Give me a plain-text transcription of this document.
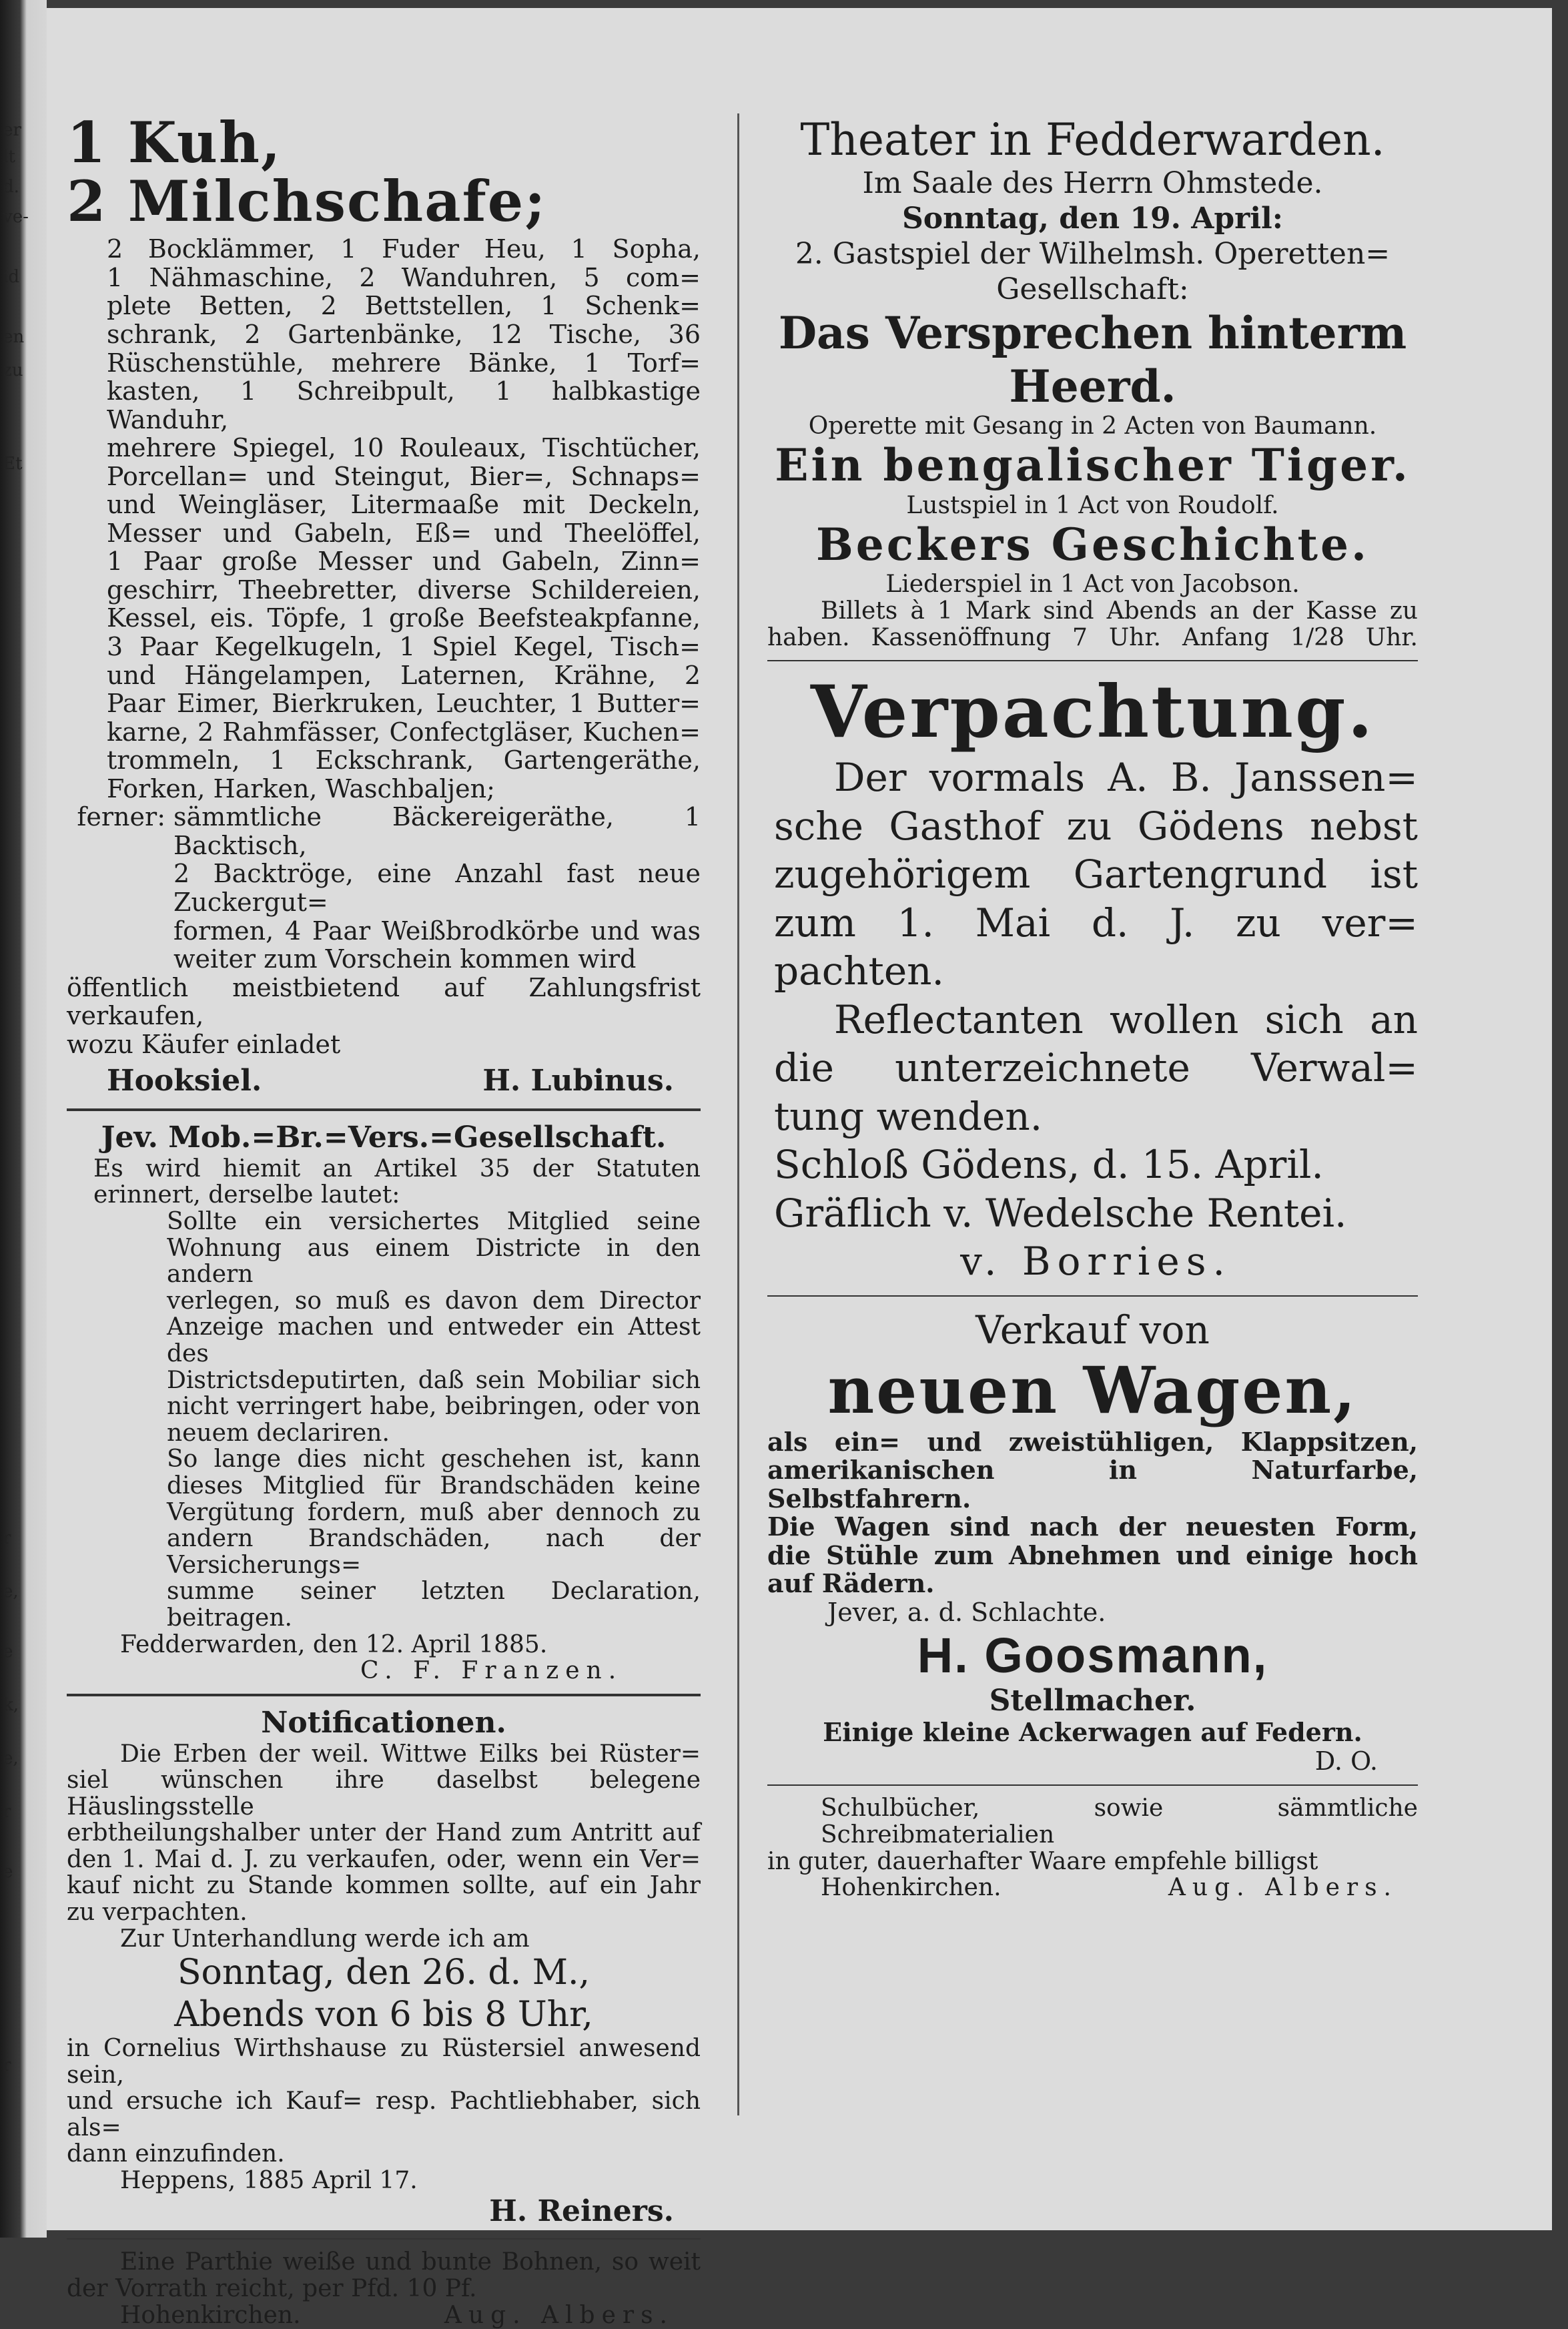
er
lt
d.
ve-
id
en
zu
Et
r
e,
e
k,
e,
r
e
r

1 Kuh,

2 Milchschafe;

2 Bocklämmer, 1 Fuder Heu, 1 Sopha,

1 Nähmaschine, 2 Wanduhren, 5 com=

plete Betten, 2 Bettstellen, 1 Schenk=

schrank, 2 Gartenbänke, 12 Tische, 36

Rüschenstühle, mehrere Bänke, 1 Torf=

kasten, 1 Schreibpult, 1 halbkastige Wanduhr,

mehrere Spiegel, 10 Rouleaux, Tischtücher,

Porcellan= und Steingut, Bier=, Schnaps=

und Weingläser, Litermaaße mit Deckeln,

Messer und Gabeln, Eß= und Theelöffel,

1 Paar große Messer und Gabeln, Zinn=

geschirr, Theebretter, diverse Schildereien,

Kessel, eis. Töpfe, 1 große Beefsteakpfanne,

3 Paar Kegelkugeln, 1 Spiel Kegel, Tisch=

und Hängelampen, Laternen, Krähne, 2

Paar Eimer, Bierkruken, Leuchter, 1 Butter=

karne, 2 Rahmfässer, Confectgläser, Kuchen=

trommeln, 1 Eckschrank, Gartengeräthe,

Forken, Harken, Waschbaljen;

ferner: sämmtliche Bäckereigeräthe, 1 Backtisch,

2 Backtröge, eine Anzahl fast neue Zuckergut=

formen, 4 Paar Weißbrodkörbe und was

weiter zum Vorschein kommen wird

öffentlich meistbietend auf Zahlungsfrist verkaufen,

wozu Käufer einladet

Hooksiel.	H. Lubinus.

Jev. Mob.=Br.=Vers.=Gesellschaft.

Es wird hiemit an Artikel 35 der Statuten

erinnert, derselbe lautet:

Sollte ein versichertes Mitglied seine

Wohnung aus einem Districte in den andern

verlegen, so muß es davon dem Director

Anzeige machen und entweder ein Attest des

Districtsdeputirten, daß sein Mobiliar sich

nicht verringert habe, beibringen, oder von

neuem declariren.

So lange dies nicht geschehen ist, kann

dieses Mitglied für Brandschäden keine

Vergütung fordern, muß aber dennoch zu

andern Brandschäden, nach der Versicherungs=

summe seiner letzten Declaration, beitragen.

Fedderwarden, den 12. April 1885.

C. F. Franzen.

Notificationen.

Die Erben der weil. Wittwe Eilks bei Rüster=

siel wünschen ihre daselbst belegene Häuslingsstelle

erbtheilungshalber unter der Hand zum Antritt auf

den 1. Mai d. J. zu verkaufen, oder, wenn ein Ver=

kauf nicht zu Stande kommen sollte, auf ein Jahr

zu verpachten.

Zur Unterhandlung werde ich am

Sonntag, den 26. d. M.,

Abends von 6 bis 8 Uhr,

in Cornelius Wirthshause zu Rüstersiel anwesend sein,

und ersuche ich Kauf= resp. Pachtliebhaber, sich als=

dann einzufinden.

Heppens, 1885 April 17.

H. Reiners.

Eine Parthie weiße und bunte Bohnen, so weit

der Vorrath reicht, per Pfd. 10 Pf.

Hohenkirchen.	Aug. Albers.

Theater in Fedderwarden.

Im Saale des Herrn Ohmstede.

Sonntag, den 19. April:

2. Gastspiel der Wilhelmsh. Operetten=

Gesellschaft:

Das Versprechen hinterm

Heerd.

Operette mit Gesang in 2 Acten von Baumann.

Ein bengalischer Tiger.

Lustspiel in 1 Act von Roudolf.

Beckers Geschichte.

Liederspiel in 1 Act von Jacobson.

Billets à 1 Mark sind Abends an der Kasse zu

haben. Kassenöffnung 7 Uhr. Anfang 1/28 Uhr.

Verpachtung.

Der vormals A. B. Janssen=

sche Gasthof zu Gödens nebst

zugehörigem Gartengrund ist

zum 1. Mai d. J. zu ver=

pachten.

Reflectanten wollen sich an

die unterzeichnete Verwal=

tung wenden.

Schloß Gödens, d. 15. April.

Gräflich v. Wedelsche Rentei.

v. Borries.

Verkauf von

neuen Wagen,

als ein= und zweistühligen, Klappsitzen,

amerikanischen in Naturfarbe, Selbstfahrern.

Die Wagen sind nach der neuesten Form,

die Stühle zum Abnehmen und einige hoch

auf Rädern.

Jever, a. d. Schlachte.

H. Goosmann,

Stellmacher.

Einige kleine Ackerwagen auf Federn.

D. O.

Schulbücher, sowie sämmtliche Schreibmaterialien

in guter, dauerhafter Waare empfehle billigst

Hohenkirchen.	Aug. Albers.
